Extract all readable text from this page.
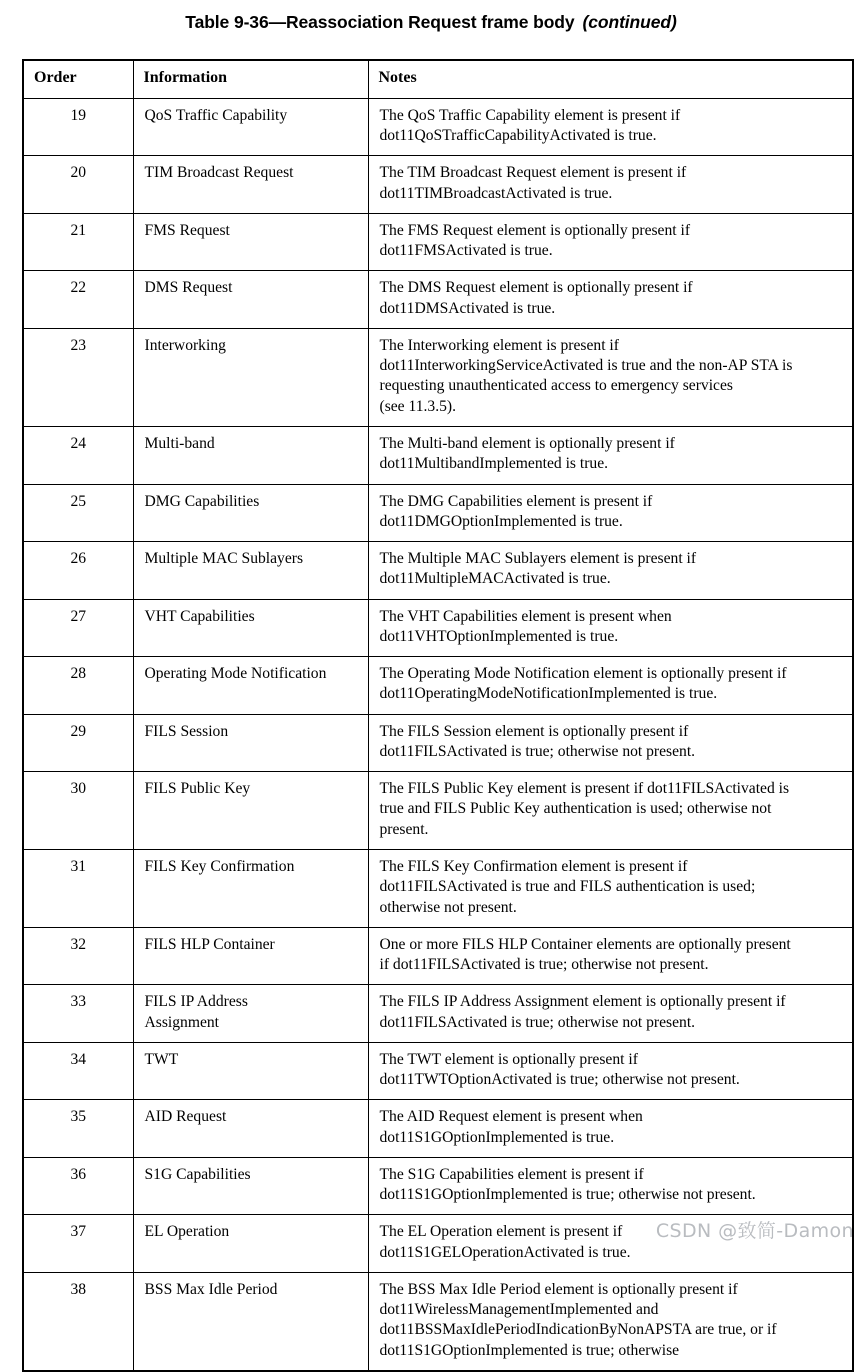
Table 9-36—Reassociation Request frame body (continued)
Order	Information	Notes
19	QoS Traffic Capability	The QoS Traffic Capability element is present if
dot11QoSTrafficCapabilityActivated is true.

20	TIM Broadcast Request	The TIM Broadcast Request element is present if
dot11TIMBroadcastActivated is true.

21	FMS Request	The FMS Request element is optionally present if
dot11FMSActivated is true.

22	DMS Request	The DMS Request element is optionally present if
dot11DMSActivated is true.

23	Interworking	The Interworking element is present if
dot11InterworkingServiceActivated is true and the non-AP STA is
requesting unauthenticated access to emergency services
(see 11.3.5).

24	Multi-band	The Multi-band element is optionally present if
dot11MultibandImplemented is true.

25	DMG Capabilities	The DMG Capabilities element is present if
dot11DMGOptionImplemented is true.

26	Multiple MAC Sublayers	The Multiple MAC Sublayers element is present if
dot11MultipleMACActivated is true.

27	VHT Capabilities	The VHT Capabilities element is present when
dot11VHTOptionImplemented is true.

28	Operating Mode Notification	The Operating Mode Notification element is optionally present if
dot11OperatingModeNotificationImplemented is true.

29	FILS Session	The FILS Session element is optionally present if
dot11FILSActivated is true; otherwise not present.

30	FILS Public Key	The FILS Public Key element is present if dot11FILSActivated is
true and FILS Public Key authentication is used; otherwise not
present.

31	FILS Key Confirmation	The FILS Key Confirmation element is present if
dot11FILSActivated is true and FILS authentication is used;
otherwise not present.

32	FILS HLP Container	One or more FILS HLP Container elements are optionally present
if dot11FILSActivated is true; otherwise not present.

33	FILS IP Address
Assignment	The FILS IP Address Assignment element is optionally present if
dot11FILSActivated is true; otherwise not present.

34	TWT	The TWT element is optionally present if
dot11TWTOptionActivated is true; otherwise not present.

35	AID Request	The AID Request element is present when
dot11S1GOptionImplemented is true.

36	S1G Capabilities	The S1G Capabilities element is present if
dot11S1GOptionImplemented is true; otherwise not present.

37	EL Operation	The EL Operation element is present if
dot11S1GELOperationActivated is true.

38	BSS Max Idle Period	The BSS Max Idle Period element is optionally present if
dot11WirelessManagementImplemented and
dot11BSSMaxIdlePeriodIndicationByNonAPSTA are true, or if
dot11S1GOptionImplemented is true; otherwise
CSDN @致简-Damon
